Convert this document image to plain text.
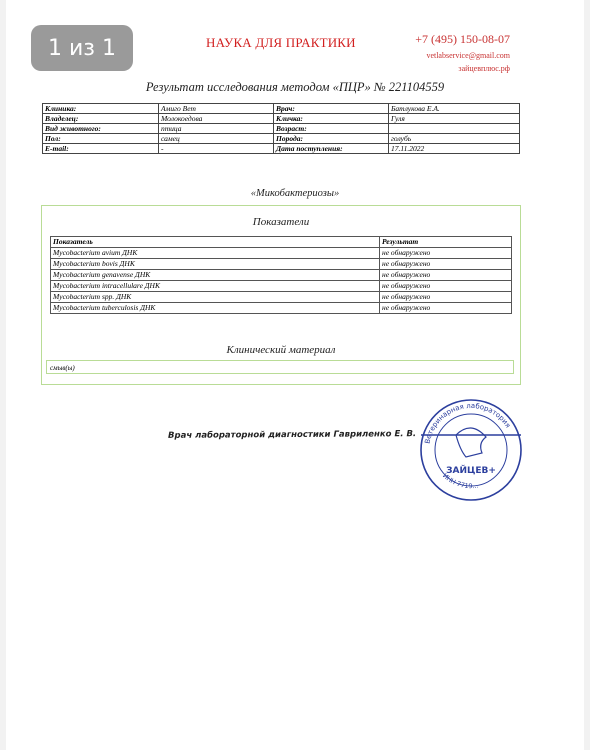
1 из 1	НАУКА ДЛЯ ПРАКТИКИ	+7 (495) 150-08-07
vetlabservice@gmail.com
зайцевплюс.рф
Результат исследования методом «ПЦР» № 221104559
Клиника:	Амиго Вет	Врач:	Батлукова Е.А.
Владелец:	Молокоедова	Кличка:	Гуля
Вид животного:	птица	Возраст:	
Пол:	самец	Порода:	голубь
E-mail:	-	Дата поступления:	17.11.2022
«Микобактериозы»
Показатели
Показатель	Результат
Mycobacterium avium ДНК	не обнаружено
Mycobacterium bovis ДНК	не обнаружено
Mycobacterium genavense ДНК	не обнаружено
Mycobacterium intracellulare ДНК	не обнаружено
Mycobacterium spp. ДНК	не обнаружено
Mycobacterium tuberculosis ДНК	не обнаружено
Клинический материал
смыв(ы)
Врач лабораторной диагностики Гавриленко Е. В.
Ветеринарная лаборатория
ИНН 7719...
ЗАЙЦЕВ+
